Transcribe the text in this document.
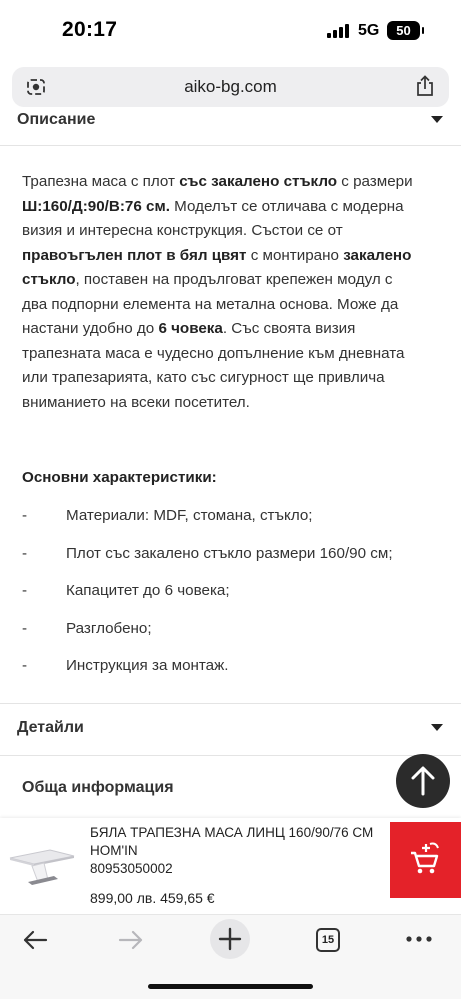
20:17	5G	50
aiko-bg.com
Описание
Трапезна маса с плот със закалено стъкло с размери
Ш:160/Д:90/В:76 см. Моделът се отличава с модерна
визия и интересна конструкция. Състои се от
правоъгълен плот в бял цвят с монтирано закалено
стъкло, поставен на продълговат крепежен модул с
два подпорни елемента на метална основа. Може да
настани удобно до 6 човека. Със своята визия
трапезната маса е чудесно допълнение към дневната
или трапезарията, като със сигурност ще привлича
вниманието на всеки посетител.
Основни характеристики:
-	Материали: MDF, стомана, стъкло;
-	Плот със закалено стъкло размери 160/90 см;
-	Капацитет до 6 човека;
-	Разглобено;
-	Инструкция за монтаж.
Детайли
Обща информация
БЯЛА ТРАПЕЗНА МАСА ЛИНЦ 160/90/76 СМ HOM'IN
80953050002
899,00 лв. 459,65 €
15
